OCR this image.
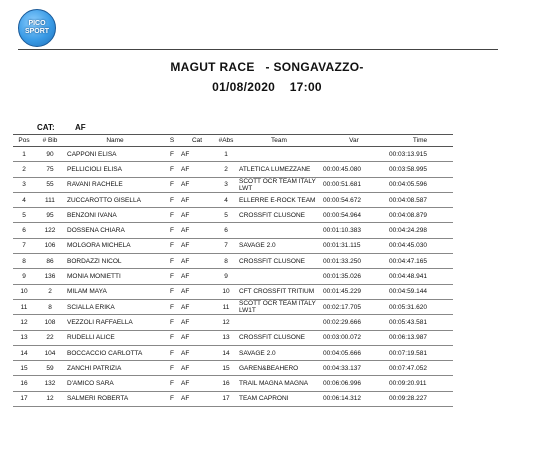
PICO
SPORT
MAGUT RACE - SONGAVAZZO-
01/08/2020 17:00
	CAT:	AF						
Pos	# Bib	Name	S	Cat	#Abs	Team	Var	Time
1	90	CAPPONI ELISA	F	AF	1			00:03:13.915
2	75	PELLICIOLI ELISA	F	AF	2	ATLETICA LUMEZZANE	00:00:45.080	00:03:58.995
3	55	RAVANI RACHELE	F	AF	3	SCOTT OCR TEAM ITALY LWT	00:00:51.681	00:04:05.596
4	111	ZUCCAROTTO GISELLA	F	AF	4	ELLERRE E-ROCK TEAM	00:00:54.672	00:04:08.587
5	95	BENZONI IVANA	F	AF	5	CROSSFIT CLUSONE	00:00:54.964	00:04:08.879
6	122	DOSSENA CHIARA	F	AF	6		00:01:10.383	00:04:24.298
7	106	MOLGORA MICHELA	F	AF	7	SAVAGE 2.0	00:01:31.115	00:04:45.030
8	86	BORDAZZI NICOL	F	AF	8	CROSSFIT CLUSONE	00:01:33.250	00:04:47.165
9	136	MONIA MONIETTI	F	AF	9		00:01:35.026	00:04:48.941
10	2	MILAM MAYA	F	AF	10	CFT CROSSFIT TRITIUM	00:01:45.229	00:04:59.144
11	8	SCIALLA ERIKA	F	AF	11	SCOTT OCR TEAM ITALY LW1T	00:02:17.705	00:05:31.620
12	108	VEZZOLI RAFFAELLA	F	AF	12		00:02:29.666	00:05:43.581
13	22	RUDELLI ALICE	F	AF	13	CROSSFIT CLUSONE	00:03:00.072	00:06:13.987
14	104	BOCCACCIO CARLOTTA	F	AF	14	SAVAGE 2.0	00:04:05.666	00:07:19.581
15	59	ZANCHI PATRIZIA	F	AF	15	GAREN&BEAHERO	00:04:33.137	00:07:47.052
16	132	D'AMICO SARA	F	AF	16	TRAIL MAGNA MAGNA	00:06:06.996	00:09:20.911
17	12	SALMERI ROBERTA	F	AF	17	TEAM CAPRONI	00:06:14.312	00:09:28.227
